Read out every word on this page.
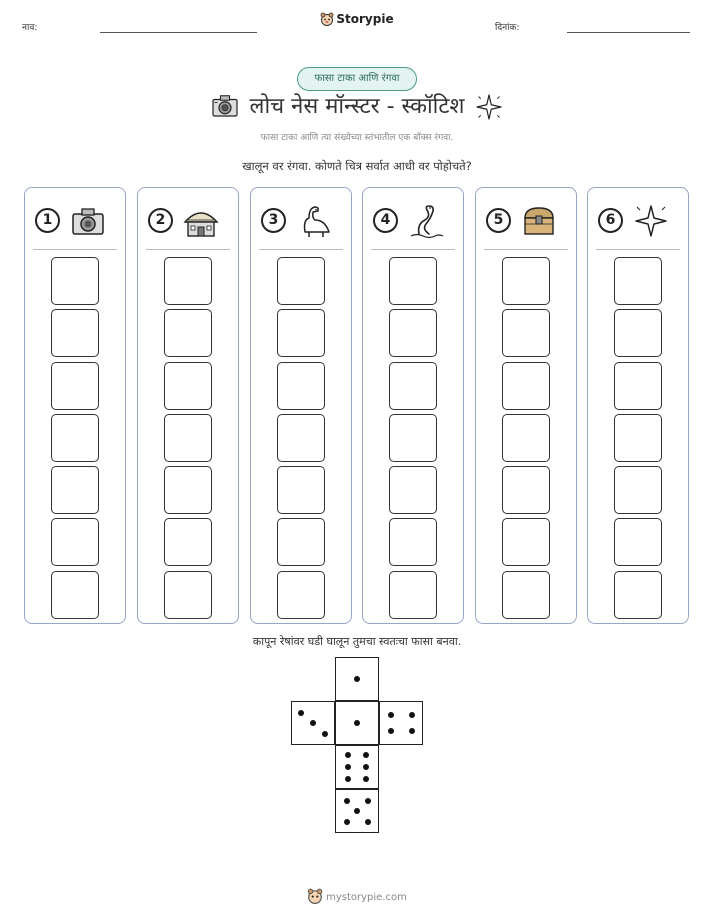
नाव:
Storypie
दिनांक:
फासा टाका आणि रंगवा
लोच नेस मॉन्स्टर - स्कॉटिश
फासा टाका आणि त्या संख्येच्या स्तंभातील एक बॉक्स रंगवा.
खालून वर रंगवा. कोणते चित्र सर्वात आधी वर पोहोचते?
1	2	3	4	5	6
कापून रेषांवर घडी घालून तुमचा स्वतःचा फासा बनवा.
mystorypie.com
